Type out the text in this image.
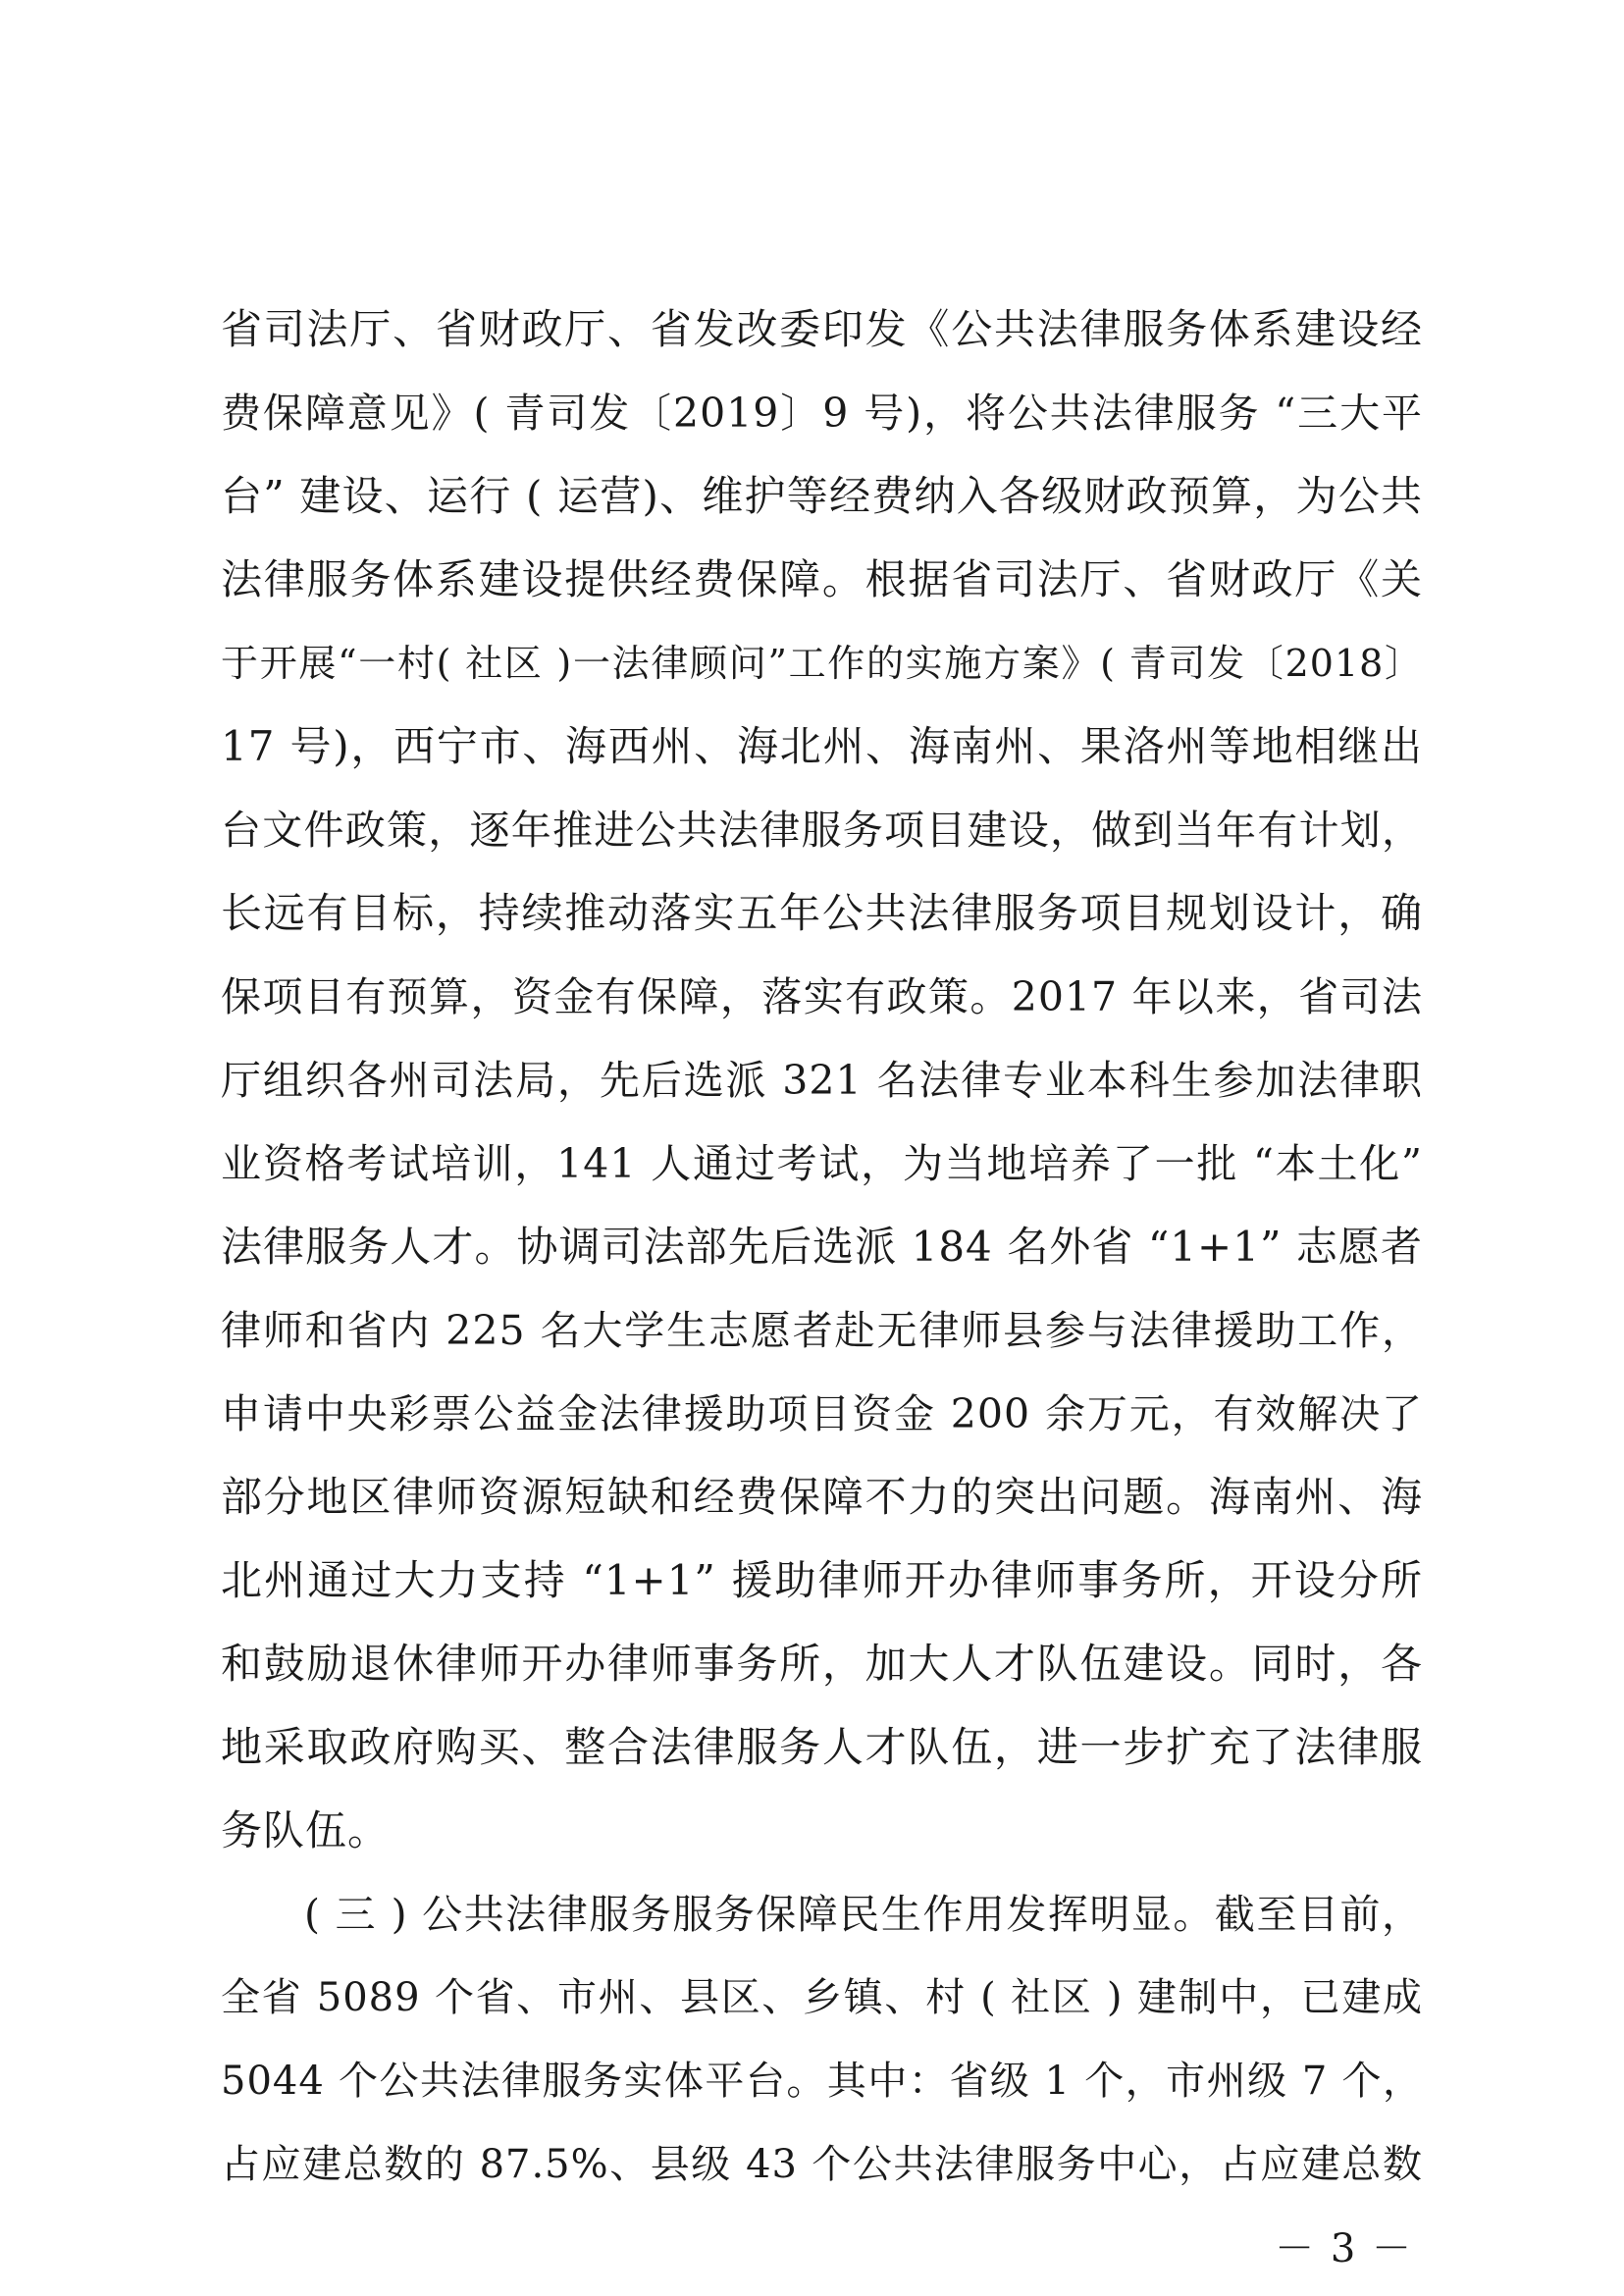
省司法厅、省财政厅、省发改委印发《公共法律服务体系建设经
费保障意见》( 青司发〔2019〕9 号)，将公共法律服务 “三大平
台” 建设、运行 ( 运营)、维护等经费纳入各级财政预算，为公共
法律服务体系建设提供经费保障。根据省司法厅、省财政厅《关
于开展“一村( 社区 )一法律顾问”工作的实施方案》( 青司发〔2018〕
17 号)，西宁市、海西州、海北州、海南州、果洛州等地相继出
台文件政策，逐年推进公共法律服务项目建设，做到当年有计划，
长远有目标，持续推动落实五年公共法律服务项目规划设计，确
保项目有预算，资金有保障，落实有政策。2017 年以来，省司法
厅组织各州司法局，先后选派 321 名法律专业本科生参加法律职
业资格考试培训，141 人通过考试，为当地培养了一批 “本土化”
法律服务人才。协调司法部先后选派 184 名外省 “1+1” 志愿者
律师和省内 225 名大学生志愿者赴无律师县参与法律援助工作，
申请中央彩票公益金法律援助项目资金 200 余万元，有效解决了
部分地区律师资源短缺和经费保障不力的突出问题。海南州、海
北州通过大力支持 “1+1” 援助律师开办律师事务所，开设分所
和鼓励退休律师开办律师事务所，加大人才队伍建设。同时，各
地采取政府购买、整合法律服务人才队伍，进一步扩充了法律服
务队伍。
( 三 ) 公共法律服务服务保障民生作用发挥明显。截至目前，
全省 5089 个省、市州、县区、乡镇、村 ( 社区 ) 建制中，已建成
5044 个公共法律服务实体平台。其中：省级 1 个，市州级 7 个，
占应建总数的 87.5%、县级 43 个公共法律服务中心，占应建总数
－ 3 －
